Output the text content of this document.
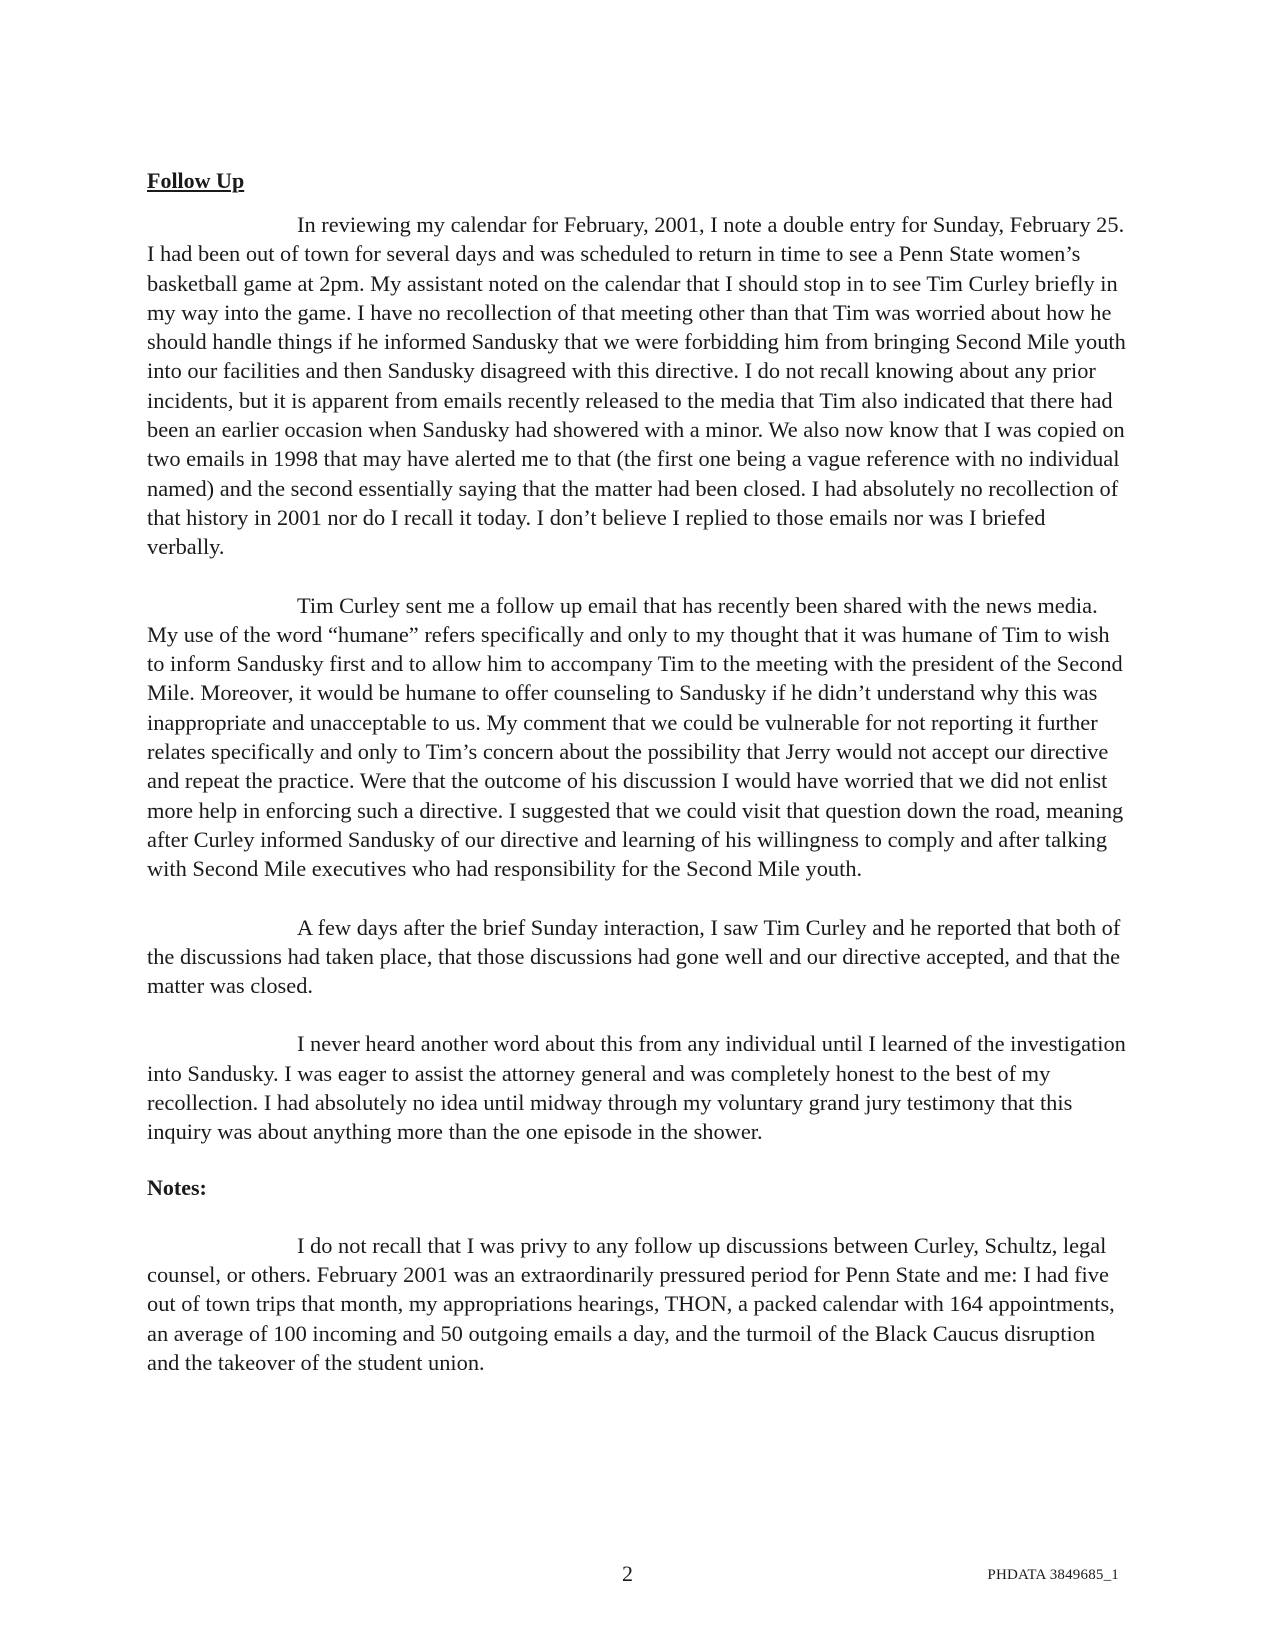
Follow Up

In reviewing my calendar for February, 2001, I note a double entry for Sunday, February 25. I had been out of town for several days and was scheduled to return in time to see a Penn State women’s basketball game at 2pm. My assistant noted on the calendar that I should stop in to see Tim Curley briefly in my way into the game. I have no recollection of that meeting other than that Tim was worried about how he should handle things if he informed Sandusky that we were forbidding him from bringing Second Mile youth into our facilities and then Sandusky disagreed with this directive. I do not recall knowing about any prior incidents, but it is apparent from emails recently released to the media that Tim also indicated that there had been an earlier occasion when Sandusky had showered with a minor. We also now know that I was copied on two emails in 1998 that may have alerted me to that (the first one being a vague reference with no individual named) and the second essentially saying that the matter had been closed. I had absolutely no recollection of that history in 2001 nor do I recall it today. I don’t believe I replied to those emails nor was I briefed verbally.

Tim Curley sent me a follow up email that has recently been shared with the news media. My use of the word “humane” refers specifically and only to my thought that it was humane of Tim to wish to inform Sandusky first and to allow him to accompany Tim to the meeting with the president of the Second Mile. Moreover, it would be humane to offer counseling to Sandusky if he didn’t understand why this was inappropriate and unacceptable to us. My comment that we could be vulnerable for not reporting it further relates specifically and only to Tim’s concern about the possibility that Jerry would not accept our directive and repeat the practice. Were that the outcome of his discussion I would have worried that we did not enlist more help in enforcing such a directive. I suggested that we could visit that question down the road, meaning after Curley informed Sandusky of our directive and learning of his willingness to comply and after talking with Second Mile executives who had responsibility for the Second Mile youth.

A few days after the brief Sunday interaction, I saw Tim Curley and he reported that both of the discussions had taken place, that those discussions had gone well and our directive accepted, and that the matter was closed.

I never heard another word about this from any individual until I learned of the investigation into Sandusky. I was eager to assist the attorney general and was completely honest to the best of my recollection. I had absolutely no idea until midway through my voluntary grand jury testimony that this inquiry was about anything more than the one episode in the shower.

Notes:

I do not recall that I was privy to any follow up discussions between Curley, Schultz, legal counsel, or others. February 2001 was an extraordinarily pressured period for Penn State and me: I had five out of town trips that month, my appropriations hearings, THON, a packed calendar with 164 appointments, an average of 100 incoming and 50 outgoing emails a day, and the turmoil of the Black Caucus disruption and the takeover of the student union.

2	PHDATA 3849685_1
